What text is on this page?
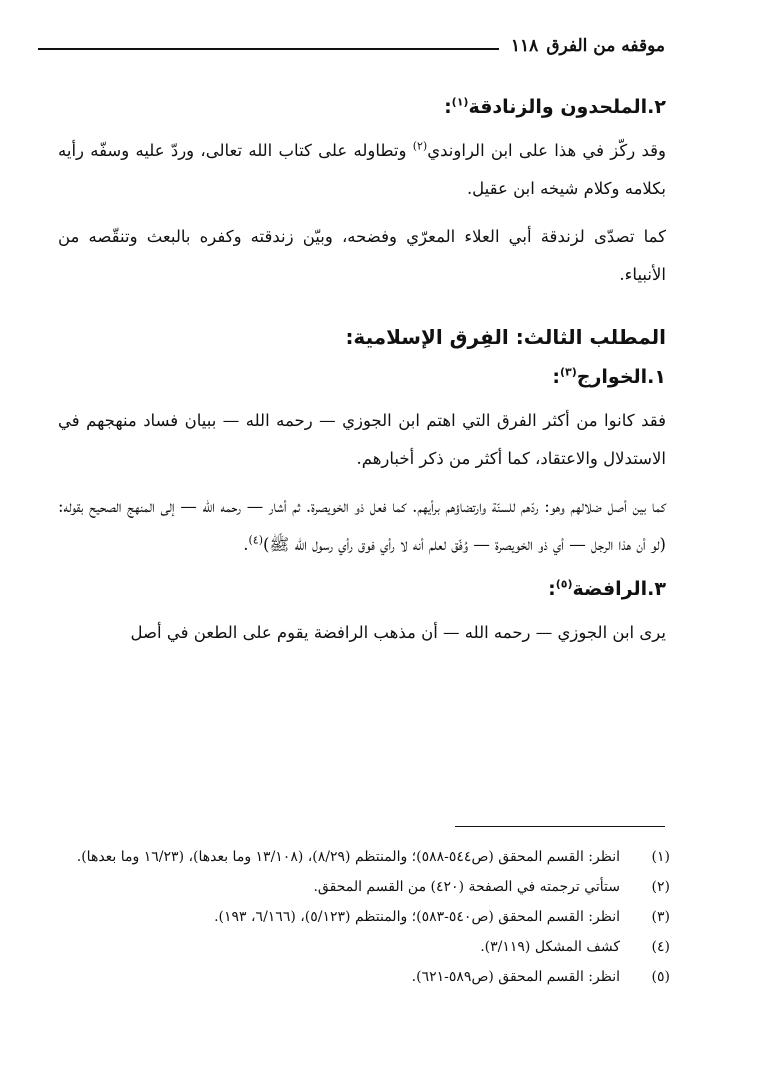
موقفه من الفرق
١١٨
٢.الملحدون والزنادقة$^{(١)}$:

وقد ركّز في هذا على ابن الراوندي$^{(٢)}$ وتطاوله على كتاب الله تعالى، وردّ عليه وسفّه رأيه بكلامه وكلام شيخه ابن عقيل.

كما تصدّى لزندقة أبي العلاء المعرّي وفضحه، وبيّن زندقته وكفره بالبعث وتنقّصه من الأنبياء.

المطلب الثالث: الفِرق الإسلامية:
١.الخوارج$^{(٣)}$:

فقد كانوا من أكثر الفرق التي اهتم ابن الجوزي — رحمه الله — ببيان فساد منهجهم في الاستدلال والاعتقاد، كما أكثر من ذكر أخبارهم.

كما بين أصل ضلالهم وهو: ردّهم للسنّة وارتضاؤهم برأيهم. كما فعل ذو الخويصرة. ثم أشار — رحمه الله — إلى المنهج الصحيح بقوله: (لو أن هذا الرجل — أي ذو الخويصرة — وُفّق لعلم أنه لا رأي فوق رأي رسول الله ﷺ)$^{(٤)}$.

٣.الرافضة$^{(٥)}$:

يرى ابن الجوزي — رحمه الله — أن مذهب الرافضة يقوم على الطعن في أصل

(١)
انظر: القسم المحقق (ص٥٤٤-٥٨٨)؛ والمنتظم (٨/٢٩)، (١٣/١٠٨ وما بعدها)، (١٦/٢٣ وما بعدها).
(٢)
ستأتي ترجمته في الصفحة (٤٢٠) من القسم المحقق.
(٣)
انظر: القسم المحقق (ص٥٤٠-٥٨٣)؛ والمنتظم (٥/١٢٣)، (٦/١٦٦، ١٩٣).
(٤)
كشف المشكل (٣/١١٩).
(٥)
انظر: القسم المحقق (ص٥٨٩-٦٢١).
